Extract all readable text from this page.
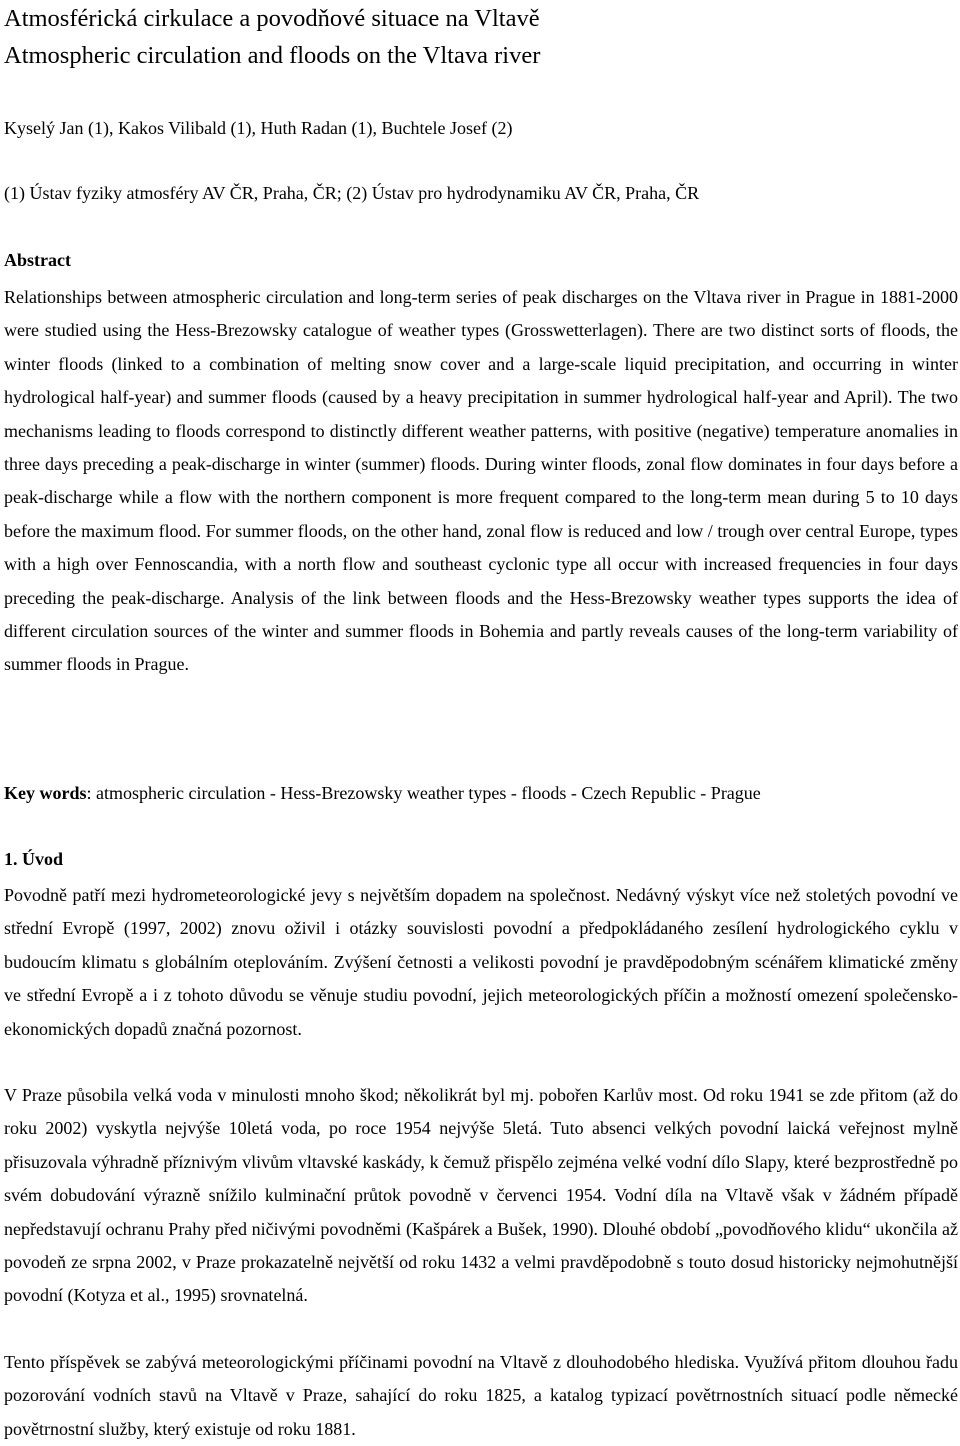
Atmosférická cirkulace a povodňové situace na Vltavě
Atmospheric circulation and floods on the Vltava river

Kyselý Jan (1), Kakos Vilibald (1), Huth Radan (1), Buchtele Josef (2)

(1) Ústav fyziky atmosféry AV ČR, Praha, ČR; (2) Ústav pro hydrodynamiku AV ČR, Praha, ČR

Abstract

Relationships between atmospheric circulation and long-term series of peak discharges on the Vltava river in Prague in 1881-2000 were studied using the Hess-Brezowsky catalogue of weather types (Grosswetterlagen). There are two distinct sorts of floods, the winter floods (linked to a combination of melting snow cover and a large-scale liquid precipitation, and occurring in winter hydrological half-year) and summer floods (caused by a heavy precipitation in summer hydrological half-year and April). The two mechanisms leading to floods correspond to distinctly different weather patterns, with positive (negative) temperature anomalies in three days preceding a peak-discharge in winter (summer) floods. During winter floods, zonal flow dominates in four days before a peak-discharge while a flow with the northern component is more frequent compared to the long-term mean during 5 to 10 days before the maximum flood. For summer floods, on the other hand, zonal flow is reduced and low / trough over central Europe, types with a high over Fennoscandia, with a north flow and southeast cyclonic type all occur with increased frequencies in four days preceding the peak-discharge. Analysis of the link between floods and the Hess-Brezowsky weather types supports the idea of different circulation sources of the winter and summer floods in Bohemia and partly reveals causes of the long-term variability of summer floods in Prague.

Key words: atmospheric circulation - Hess-Brezowsky weather types - floods - Czech Republic - Prague

1. Úvod

Povodně patří mezi hydrometeorologické jevy s největším dopadem na společnost. Nedávný výskyt více než stoletých povodní ve střední Evropě (1997, 2002) znovu oživil i otázky souvislosti povodní a předpokládaného zesílení hydrologického cyklu v budoucím klimatu s globálním oteplováním. Zvýšení četnosti a velikosti povodní je pravděpodobným scénářem klimatické změny ve střední Evropě a i z tohoto důvodu se věnuje studiu povodní, jejich meteorologických příčin a možností omezení společensko-ekonomických dopadů značná pozornost.

V Praze působila velká voda v minulosti mnoho škod; několikrát byl mj. pobořen Karlův most. Od roku 1941 se zde přitom (až do roku 2002) vyskytla nejvýše 10letá voda, po roce 1954 nejvýše 5letá. Tuto absenci velkých povodní laická veřejnost mylně přisuzovala výhradně příznivým vlivům vltavské kaskády, k čemuž přispělo zejména velké vodní dílo Slapy, které bezprostředně po svém dobudování výrazně snížilo kulminační průtok povodně v červenci 1954. Vodní díla na Vltavě však v žádném případě nepředstavují ochranu Prahy před ničivými povodněmi (Kašpárek a Bušek, 1990). Dlouhé období „povodňového klidu“ ukončila až povodeň ze srpna 2002, v Praze prokazatelně největší od roku 1432 a velmi pravděpodobně s touto dosud historicky nejmohutnější povodní (Kotyza et al., 1995) srovnatelná.

Tento příspěvek se zabývá meteorologickými příčinami povodní na Vltavě z dlouhodobého hlediska. Využívá přitom dlouhou řadu pozorování vodních stavů na Vltavě v Praze, sahající do roku 1825, a katalog typizací povětrnostních situací podle německé povětrnostní služby, který existuje od roku 1881.
